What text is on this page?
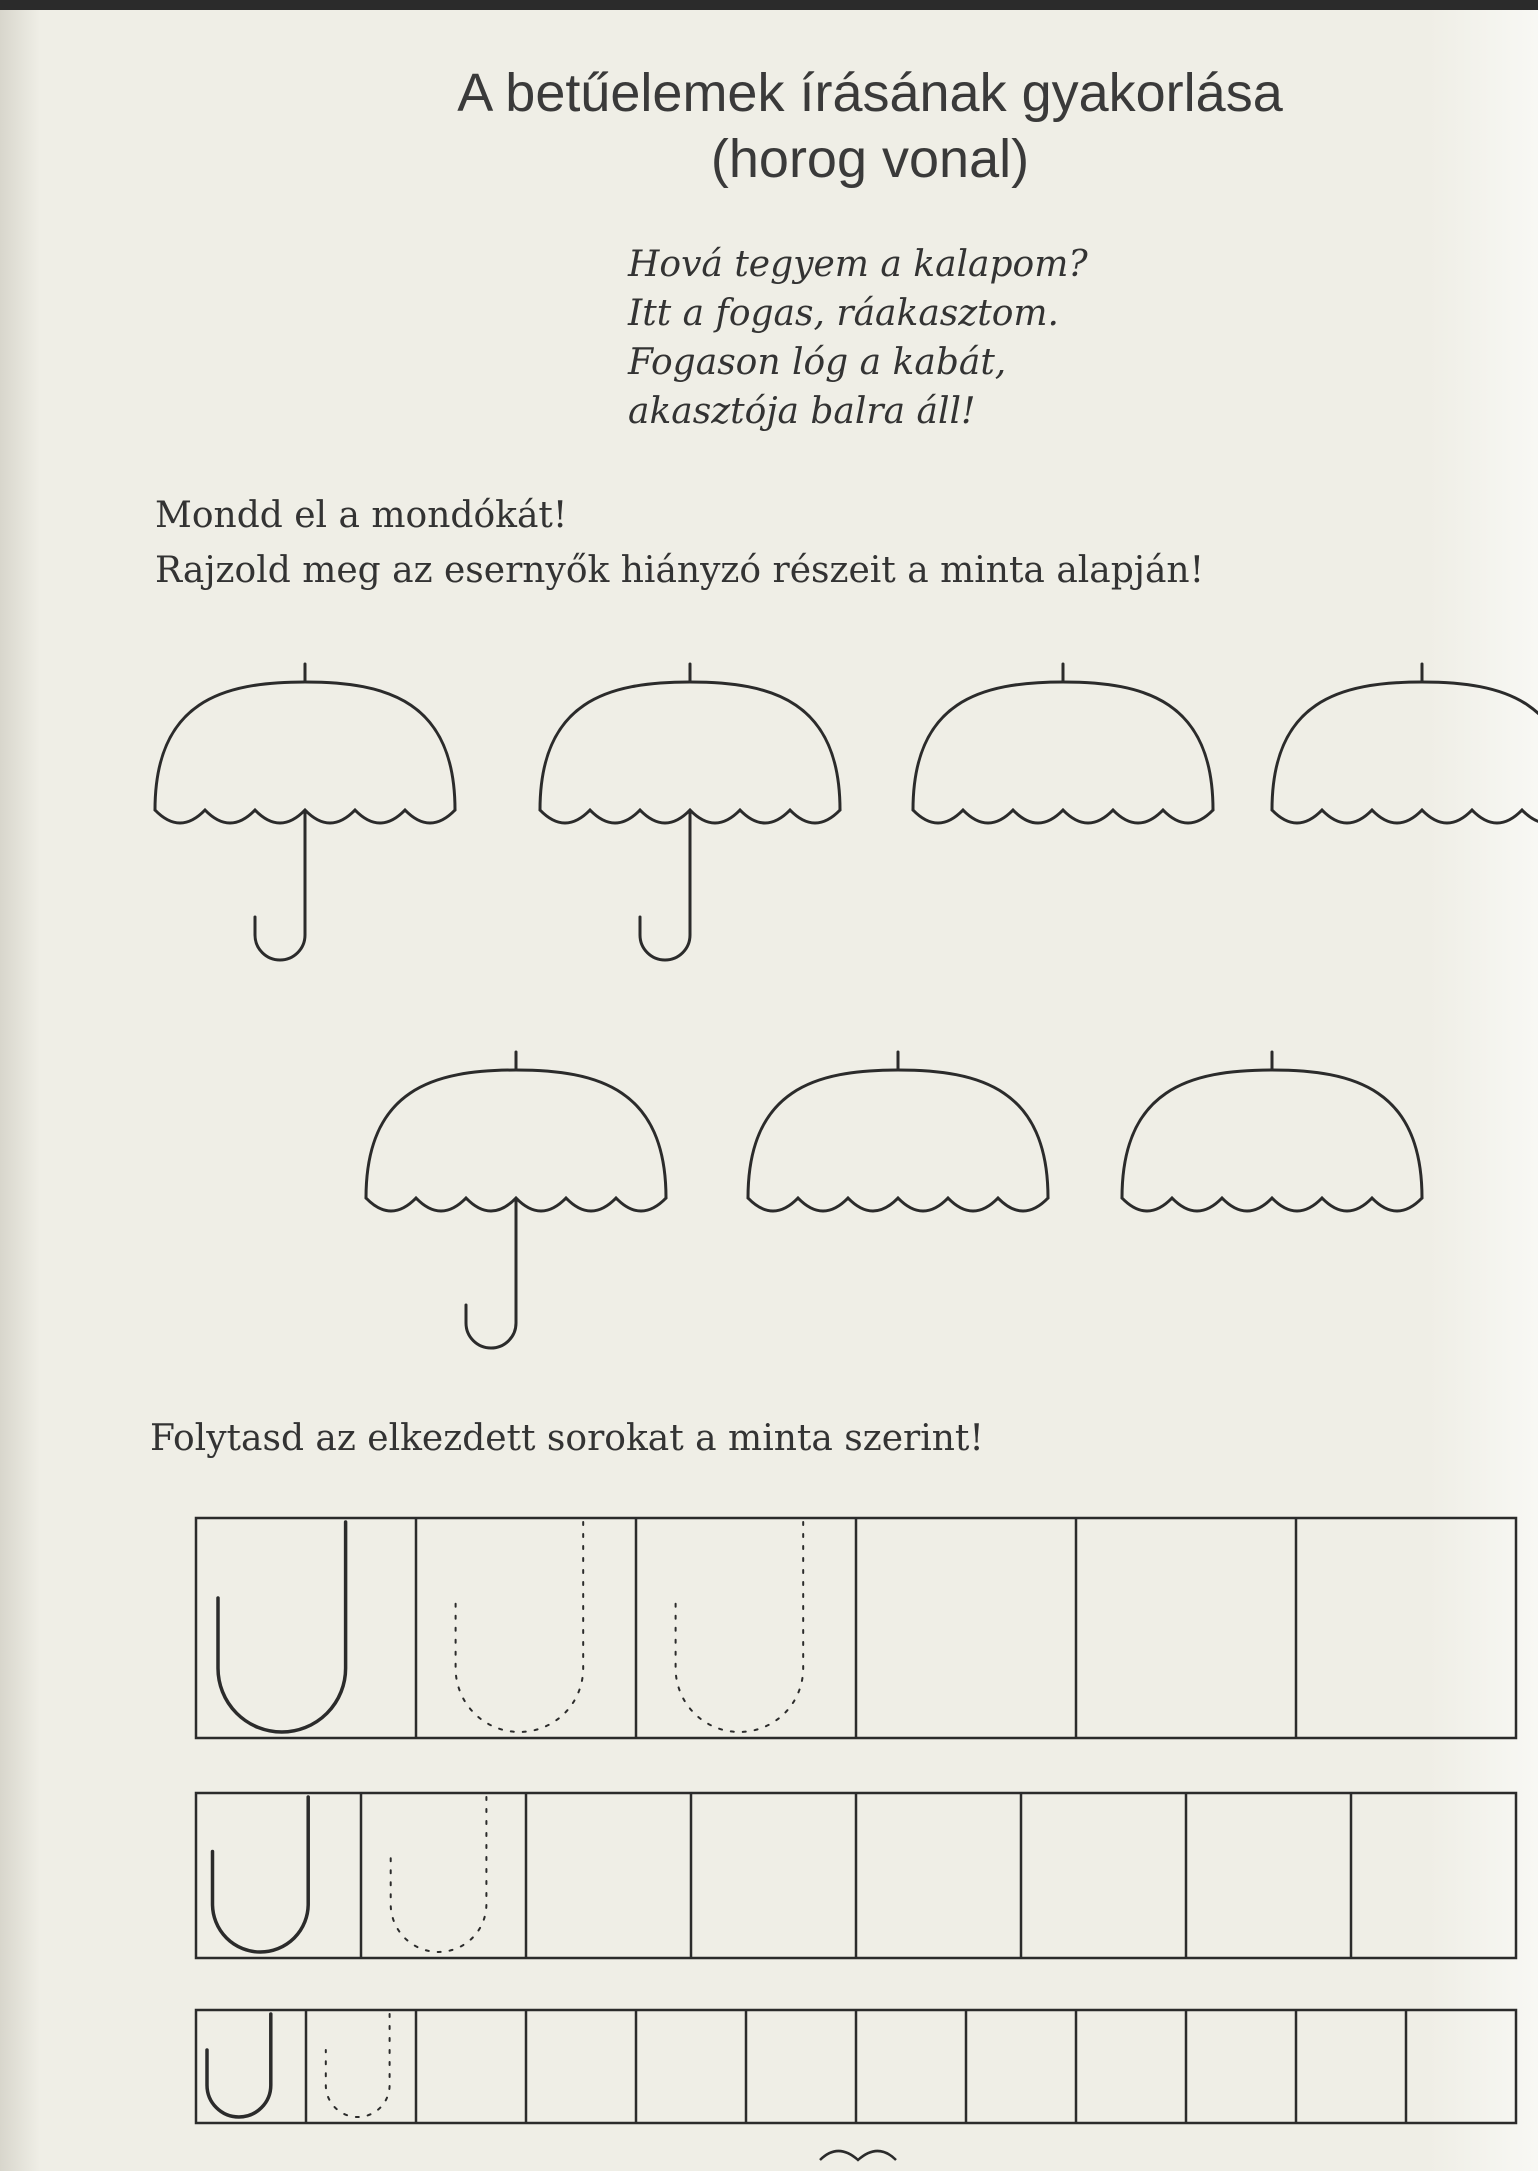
A betűelemek írásának gyakorlása
(horog vonal)
Hová tegyem a kalapom?
Itt a fogas, ráakasztom.
Fogason lóg a kabát,
akasztója balra áll!
Mondd el a mondókát!
Rajzold meg az esernyők hiányzó részeit a minta alapján!
Folytasd az elkezdett sorokat a minta szerint!
